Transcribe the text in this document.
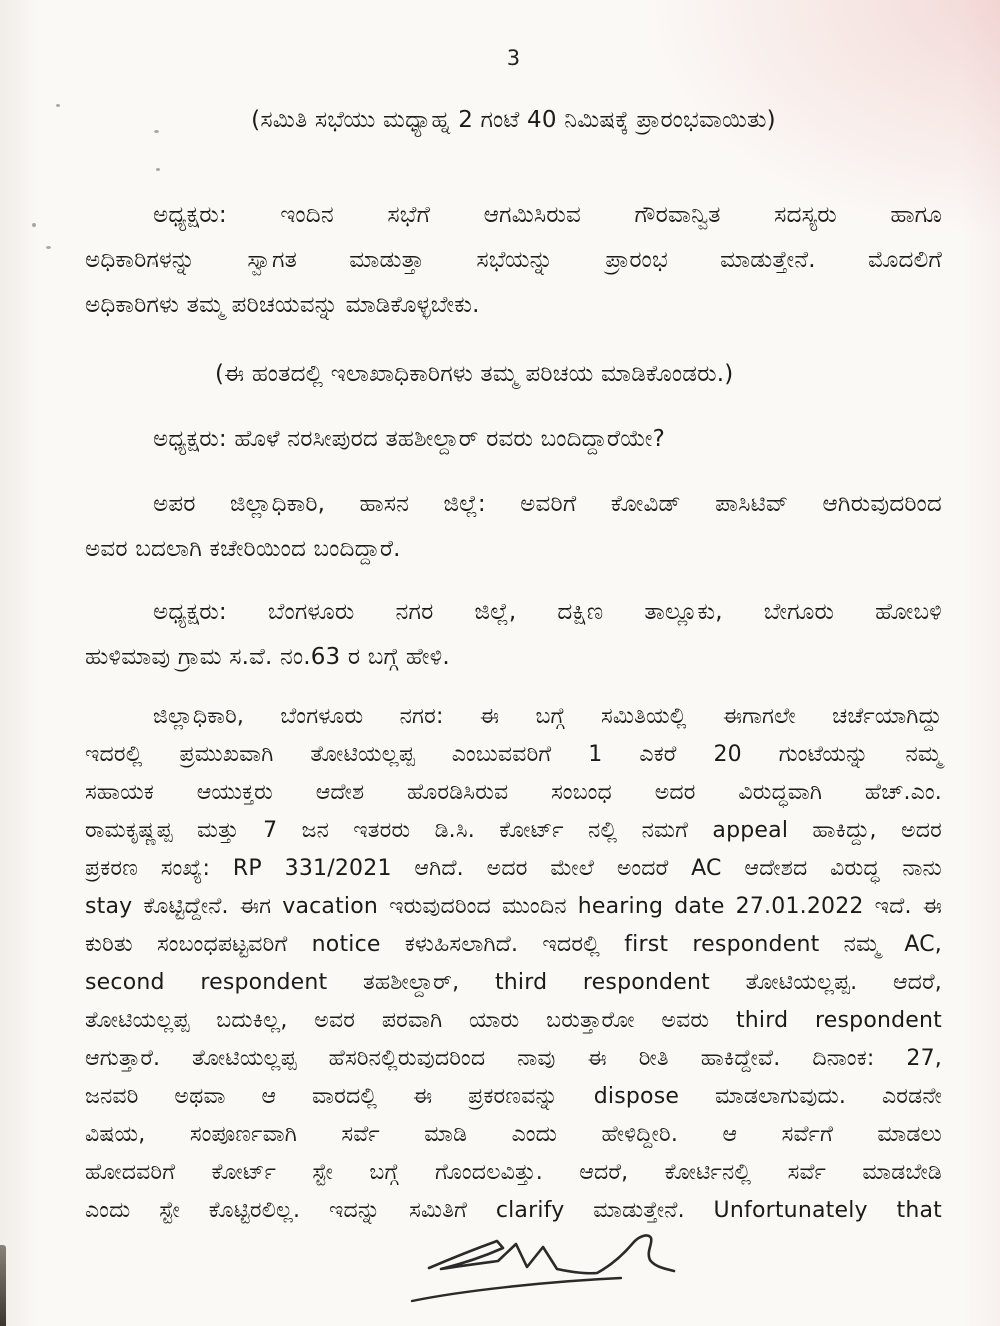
3
(ಸಮಿತಿ ಸಭೆಯು ಮಧ್ಯಾಹ್ನ 2 ಗಂಟೆ 40 ನಿಮಿಷಕ್ಕೆ ಪ್ರಾರಂಭವಾಯಿತು)
ಅಧ್ಯಕ್ಷರು: ಇಂದಿನ ಸಭೆಗೆ ಆಗಮಿಸಿರುವ ಗೌರವಾನ್ವಿತ ಸದಸ್ಯರು ಹಾಗೂ
ಅಧಿಕಾರಿಗಳನ್ನು ಸ್ವಾಗತ ಮಾಡುತ್ತಾ ಸಭೆಯನ್ನು ಪ್ರಾರಂಭ ಮಾಡುತ್ತೇನೆ. ಮೊದಲಿಗೆ
ಅಧಿಕಾರಿಗಳು ತಮ್ಮ ಪರಿಚಯವನ್ನು ಮಾಡಿಕೊಳ್ಳಬೇಕು.
(ಈ ಹಂತದಲ್ಲಿ ಇಲಾಖಾಧಿಕಾರಿಗಳು ತಮ್ಮ ಪರಿಚಯ ಮಾಡಿಕೊಂಡರು.)
ಅಧ್ಯಕ್ಷರು: ಹೊಳೆ ನರಸೀಪುರದ ತಹಶೀಲ್ದಾರ್ ರವರು ಬಂದಿದ್ದಾರೆಯೇ?
ಅಪರ ಜಿಲ್ಲಾಧಿಕಾರಿ, ಹಾಸನ ಜಿಲ್ಲೆ: ಅವರಿಗೆ ಕೋವಿಡ್ ಪಾಸಿಟಿವ್ ಆಗಿರುವುದರಿಂದ
ಅವರ ಬದಲಾಗಿ ಕಚೇರಿಯಿಂದ ಬಂದಿದ್ದಾರೆ.
ಅಧ್ಯಕ್ಷರು: ಬೆಂಗಳೂರು ನಗರ ಜಿಲ್ಲೆ, ದಕ್ಷಿಣ ತಾಲ್ಲೂಕು, ಬೇಗೂರು ಹೋಬಳಿ
ಹುಳಿಮಾವು ಗ್ರಾಮ ಸ.ವೆ. ನಂ.63 ರ ಬಗ್ಗೆ ಹೇಳಿ.
ಜಿಲ್ಲಾಧಿಕಾರಿ, ಬೆಂಗಳೂರು ನಗರ: ಈ ಬಗ್ಗೆ ಸಮಿತಿಯಲ್ಲಿ ಈಗಾಗಲೇ ಚರ್ಚೆಯಾಗಿದ್ದು
ಇದರಲ್ಲಿ ಪ್ರಮುಖವಾಗಿ ತೋಟಿಯಲ್ಲಪ್ಪ ಎಂಬುವವರಿಗೆ 1 ಎಕರೆ 20 ಗುಂಟೆಯನ್ನು ನಮ್ಮ
ಸಹಾಯಕ ಆಯುಕ್ತರು ಆದೇಶ ಹೊರಡಿಸಿರುವ ಸಂಬಂಧ ಅದರ ವಿರುದ್ಧವಾಗಿ ಹೆಚ್.ಎಂ.
ರಾಮಕೃಷ್ಣಪ್ಪ ಮತ್ತು 7 ಜನ ಇತರರು ಡಿ.ಸಿ. ಕೋರ್ಟ್ ನಲ್ಲಿ ನಮಗೆ appeal ಹಾಕಿದ್ದು, ಅದರ
ಪ್ರಕರಣ ಸಂಖ್ಯೆ: RP 331/2021 ಆಗಿದೆ. ಅದರ ಮೇಲೆ ಅಂದರೆ AC ಆದೇಶದ ವಿರುದ್ಧ ನಾನು
stay ಕೊಟ್ಟಿದ್ದೇನೆ. ಈಗ vacation ಇರುವುದರಿಂದ ಮುಂದಿನ hearing date 27.01.2022 ಇದೆ. ಈ
ಕುರಿತು ಸಂಬಂಧಪಟ್ಟವರಿಗೆ notice ಕಳುಹಿಸಲಾಗಿದೆ. ಇದರಲ್ಲಿ first respondent ನಮ್ಮ AC,
second respondent ತಹಶೀಲ್ದಾರ್, third respondent ತೋಟಿಯಲ್ಲಪ್ಪ. ಆದರೆ,
ತೋಟಿಯಲ್ಲಪ್ಪ ಬದುಕಿಲ್ಲ, ಅವರ ಪರವಾಗಿ ಯಾರು ಬರುತ್ತಾರೋ ಅವರು third respondent
ಆಗುತ್ತಾರೆ. ತೋಟಿಯಲ್ಲಪ್ಪ ಹೆಸರಿನಲ್ಲಿರುವುದರಿಂದ ನಾವು ಈ ರೀತಿ ಹಾಕಿದ್ದೇವೆ. ದಿನಾಂಕ: 27,
ಜನವರಿ ಅಥವಾ ಆ ವಾರದಲ್ಲಿ ಈ ಪ್ರಕರಣವನ್ನು dispose ಮಾಡಲಾಗುವುದು. ಎರಡನೇ
ವಿಷಯ, ಸಂಪೂರ್ಣವಾಗಿ ಸರ್ವೆ ಮಾಡಿ ಎಂದು ಹೇಳಿದ್ದೀರಿ. ಆ ಸರ್ವೆಗೆ ಮಾಡಲು
ಹೋದವರಿಗೆ ಕೋರ್ಟ್ ಸ್ಟೇ ಬಗ್ಗೆ ಗೊಂದಲವಿತ್ತು. ಆದರೆ, ಕೋರ್ಟಿನಲ್ಲಿ ಸರ್ವೆ ಮಾಡಬೇಡಿ
ಎಂದು ಸ್ಟೇ ಕೊಟ್ಟಿರಲಿಲ್ಲ. ಇದನ್ನು ಸಮಿತಿಗೆ clarify ಮಾಡುತ್ತೇನೆ. Unfortunately that
